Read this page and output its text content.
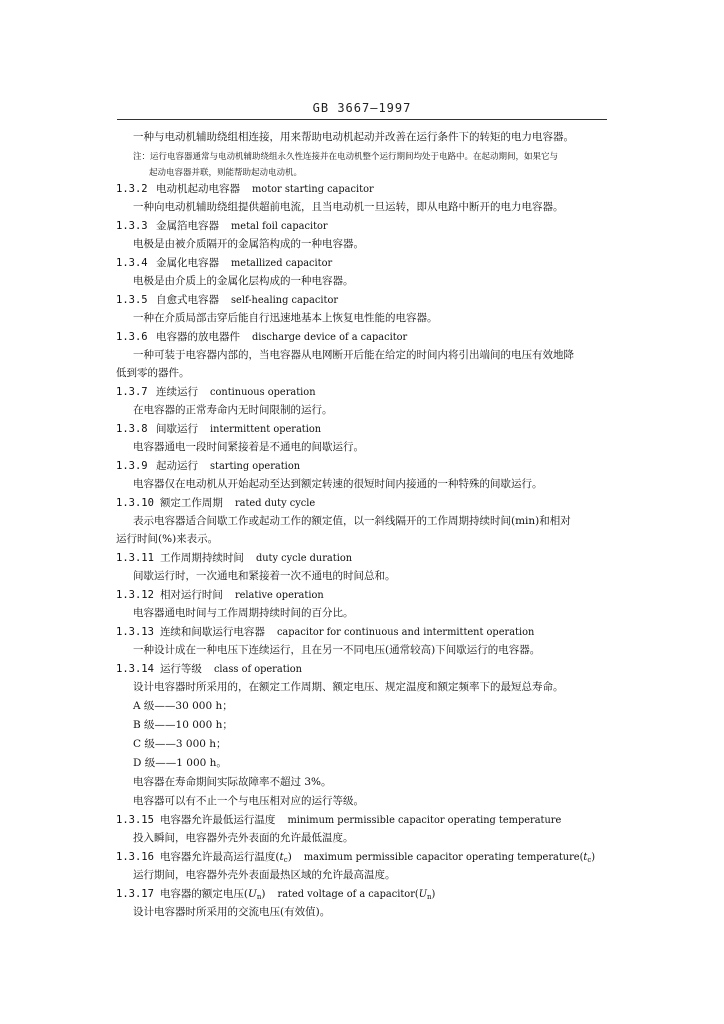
GB 3667—1997
一种与电动机辅助绕组相连接，用来帮助电动机起动并改善在运行条件下的转矩的电力电容器。
注：运行电容器通常与电动机辅助绕组永久性连接并在电动机整个运行期间均处于电路中。在起动期间，如果它与
起动电容器并联，则能帮助起动电动机。
1.3.2 电动机起动电容器 motor starting capacitor
一种向电动机辅助绕组提供超前电流，且当电动机一旦运转，即从电路中断开的电力电容器。
1.3.3 金属箔电容器 metal foil capacitor
电极是由被介质隔开的金属箔构成的一种电容器。
1.3.4 金属化电容器 metallized capacitor
电极是由介质上的金属化层构成的一种电容器。
1.3.5 自愈式电容器 self-healing capacitor
一种在介质局部击穿后能自行迅速地基本上恢复电性能的电容器。
1.3.6 电容器的放电器件 discharge device of a capacitor
一种可装于电容器内部的，当电容器从电网断开后能在给定的时间内将引出端间的电压有效地降
低到零的器件。
1.3.7 连续运行 continuous operation
在电容器的正常寿命内无时间限制的运行。
1.3.8 间歇运行 intermittent operation
电容器通电一段时间紧接着是不通电的间歇运行。
1.3.9 起动运行 starting operation
电容器仅在电动机从开始起动至达到额定转速的很短时间内接通的一种特殊的间歇运行。
1.3.10 额定工作周期 rated duty cycle
表示电容器适合间歇工作或起动工作的额定值，以一斜线隔开的工作周期持续时间(min)和相对
运行时间(%)来表示。
1.3.11 工作周期持续时间 duty cycle duration
间歇运行时，一次通电和紧接着一次不通电的时间总和。
1.3.12 相对运行时间 relative operation
电容器通电时间与工作周期持续时间的百分比。
1.3.13 连续和间歇运行电容器 capacitor for continuous and intermittent operation
一种设计成在一种电压下连续运行，且在另一不同电压(通常较高)下间歇运行的电容器。
1.3.14 运行等级 class of operation
设计电容器时所采用的，在额定工作周期、额定电压、规定温度和额定频率下的最短总寿命。
A 级——30 000 h；
B 级——10 000 h；
C 级——3 000 h；
D 级——1 000 h。
电容器在寿命期间实际故障率不超过 3%。
电容器可以有不止一个与电压相对应的运行等级。
1.3.15 电容器允许最低运行温度 minimum permissible capacitor operating temperature
投入瞬间，电容器外壳外表面的允许最低温度。
1.3.16 电容器允许最高运行温度$(t_c)$ maximum permissible capacitor operating $temperature(t_c)$
运行期间，电容器外壳外表面最热区域的允许最高温度。
1.3.17 电容器的额定电压$(U_n)$ rated voltage of a $capacitor(U_n)$
设计电容器时所采用的交流电压(有效值)。
